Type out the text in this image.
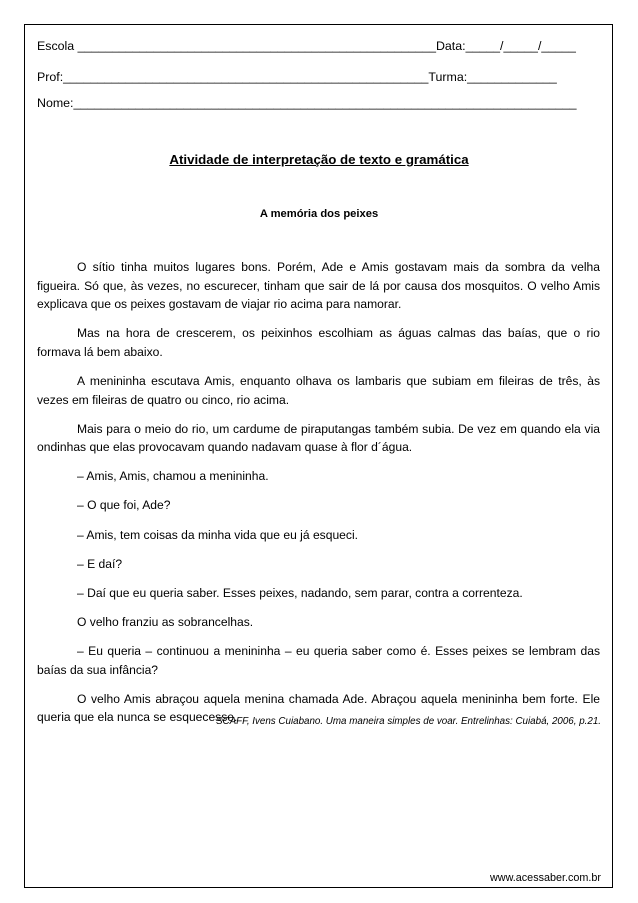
Escola ____________________________________________________Data:_____/_____/_____
Prof:_____________________________________________________Turma:_____________
Nome:_________________________________________________________________________
Atividade de interpretação de texto e gramática
A memória dos peixes

O sítio tinha muitos lugares bons. Porém, Ade e Amis gostavam mais da sombra da velha figueira. Só que, às vezes, no escurecer, tinham que sair de lá por causa dos mosquitos. O velho Amis explicava que os peixes gostavam de viajar rio acima para namorar.

Mas na hora de crescerem, os peixinhos escolhiam as águas calmas das baías, que o rio formava lá bem abaixo.

A menininha escutava Amis, enquanto olhava os lambaris que subiam em fileiras de três, às vezes em fileiras de quatro ou cinco, rio acima.

Mais para o meio do rio, um cardume de piraputangas também subia. De vez em quando ela via ondinhas que elas provocavam quando nadavam quase à flor d´água.

– Amis, Amis, chamou a menininha.

– O que foi, Ade?

– Amis, tem coisas da minha vida que eu já esqueci.

– E daí?

– Daí que eu queria saber. Esses peixes, nadando, sem parar, contra a correnteza.

O velho franziu as sobrancelhas.

– Eu queria – continuou a menininha – eu queria saber como é. Esses peixes se lembram das baías da sua infância?

O velho Amis abraçou aquela menina chamada Ade. Abraçou aquela menininha bem forte. Ele queria que ela nunca se esquecesse.

SCAFF, Ivens Cuiabano. Uma maneira simples de voar. Entrelinhas: Cuiabá, 2006, p.21.
www.acessaber.com.br
